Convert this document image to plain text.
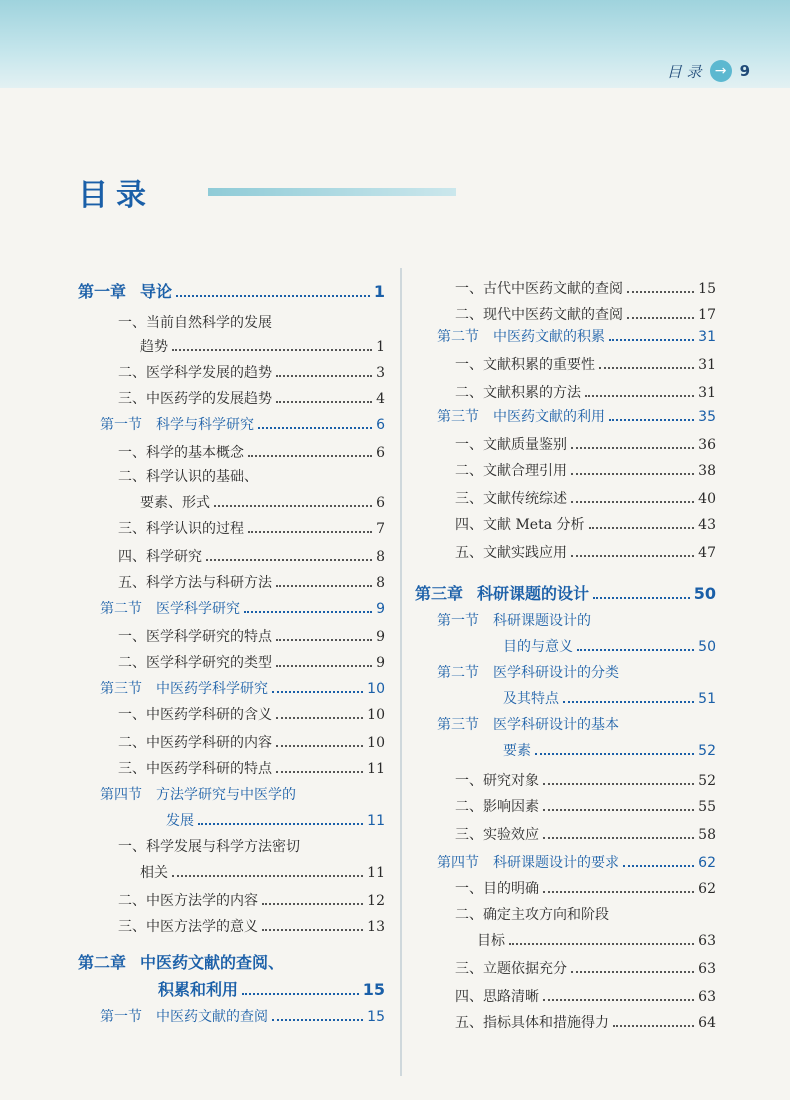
目 录 → 9
目录
第一章 导论	1
一、当前自然科学的发展
趋势	1
二、医学科学发展的趋势	3
三、中医药学的发展趋势	4
第一节 科学与科学研究	6
一、科学的基本概念	6
二、科学认识的基础、
要素、形式	6
三、科学认识的过程	7
四、科学研究	8
五、科学方法与科研方法	8
第二节 医学科学研究	9
一、医学科学研究的特点	9
二、医学科学研究的类型	9
第三节 中医药学科学研究	10
一、中医药学科研的含义	10
二、中医药学科研的内容	10
三、中医药学科研的特点	11
第四节 方法学研究与中医学的
发展	11
一、科学发展与科学方法密切
相关	11
二、中医方法学的内容	12
三、中医方法学的意义	13
第二章 中医药文献的查阅、
积累和利用	15
第一节 中医药文献的查阅	15
一、古代中医药文献的查阅	15
二、现代中医药文献的查阅	17
第二节 中医药文献的积累	31
一、文献积累的重要性	31
二、文献积累的方法	31
第三节 中医药文献的利用	35
一、文献质量鉴别	36
二、文献合理引用	38
三、文献传统综述	40
四、文献 Meta 分析	43
五、文献实践应用	47
第三章 科研课题的设计	50
第一节 科研课题设计的
目的与意义	50
第二节 医学科研设计的分类
及其特点	51
第三节 医学科研设计的基本
要素	52
一、研究对象	52
二、影响因素	55
三、实验效应	58
第四节 科研课题设计的要求	62
一、目的明确	62
二、确定主攻方向和阶段
目标	63
三、立题依据充分	63
四、思路清晰	63
五、指标具体和措施得力	64
